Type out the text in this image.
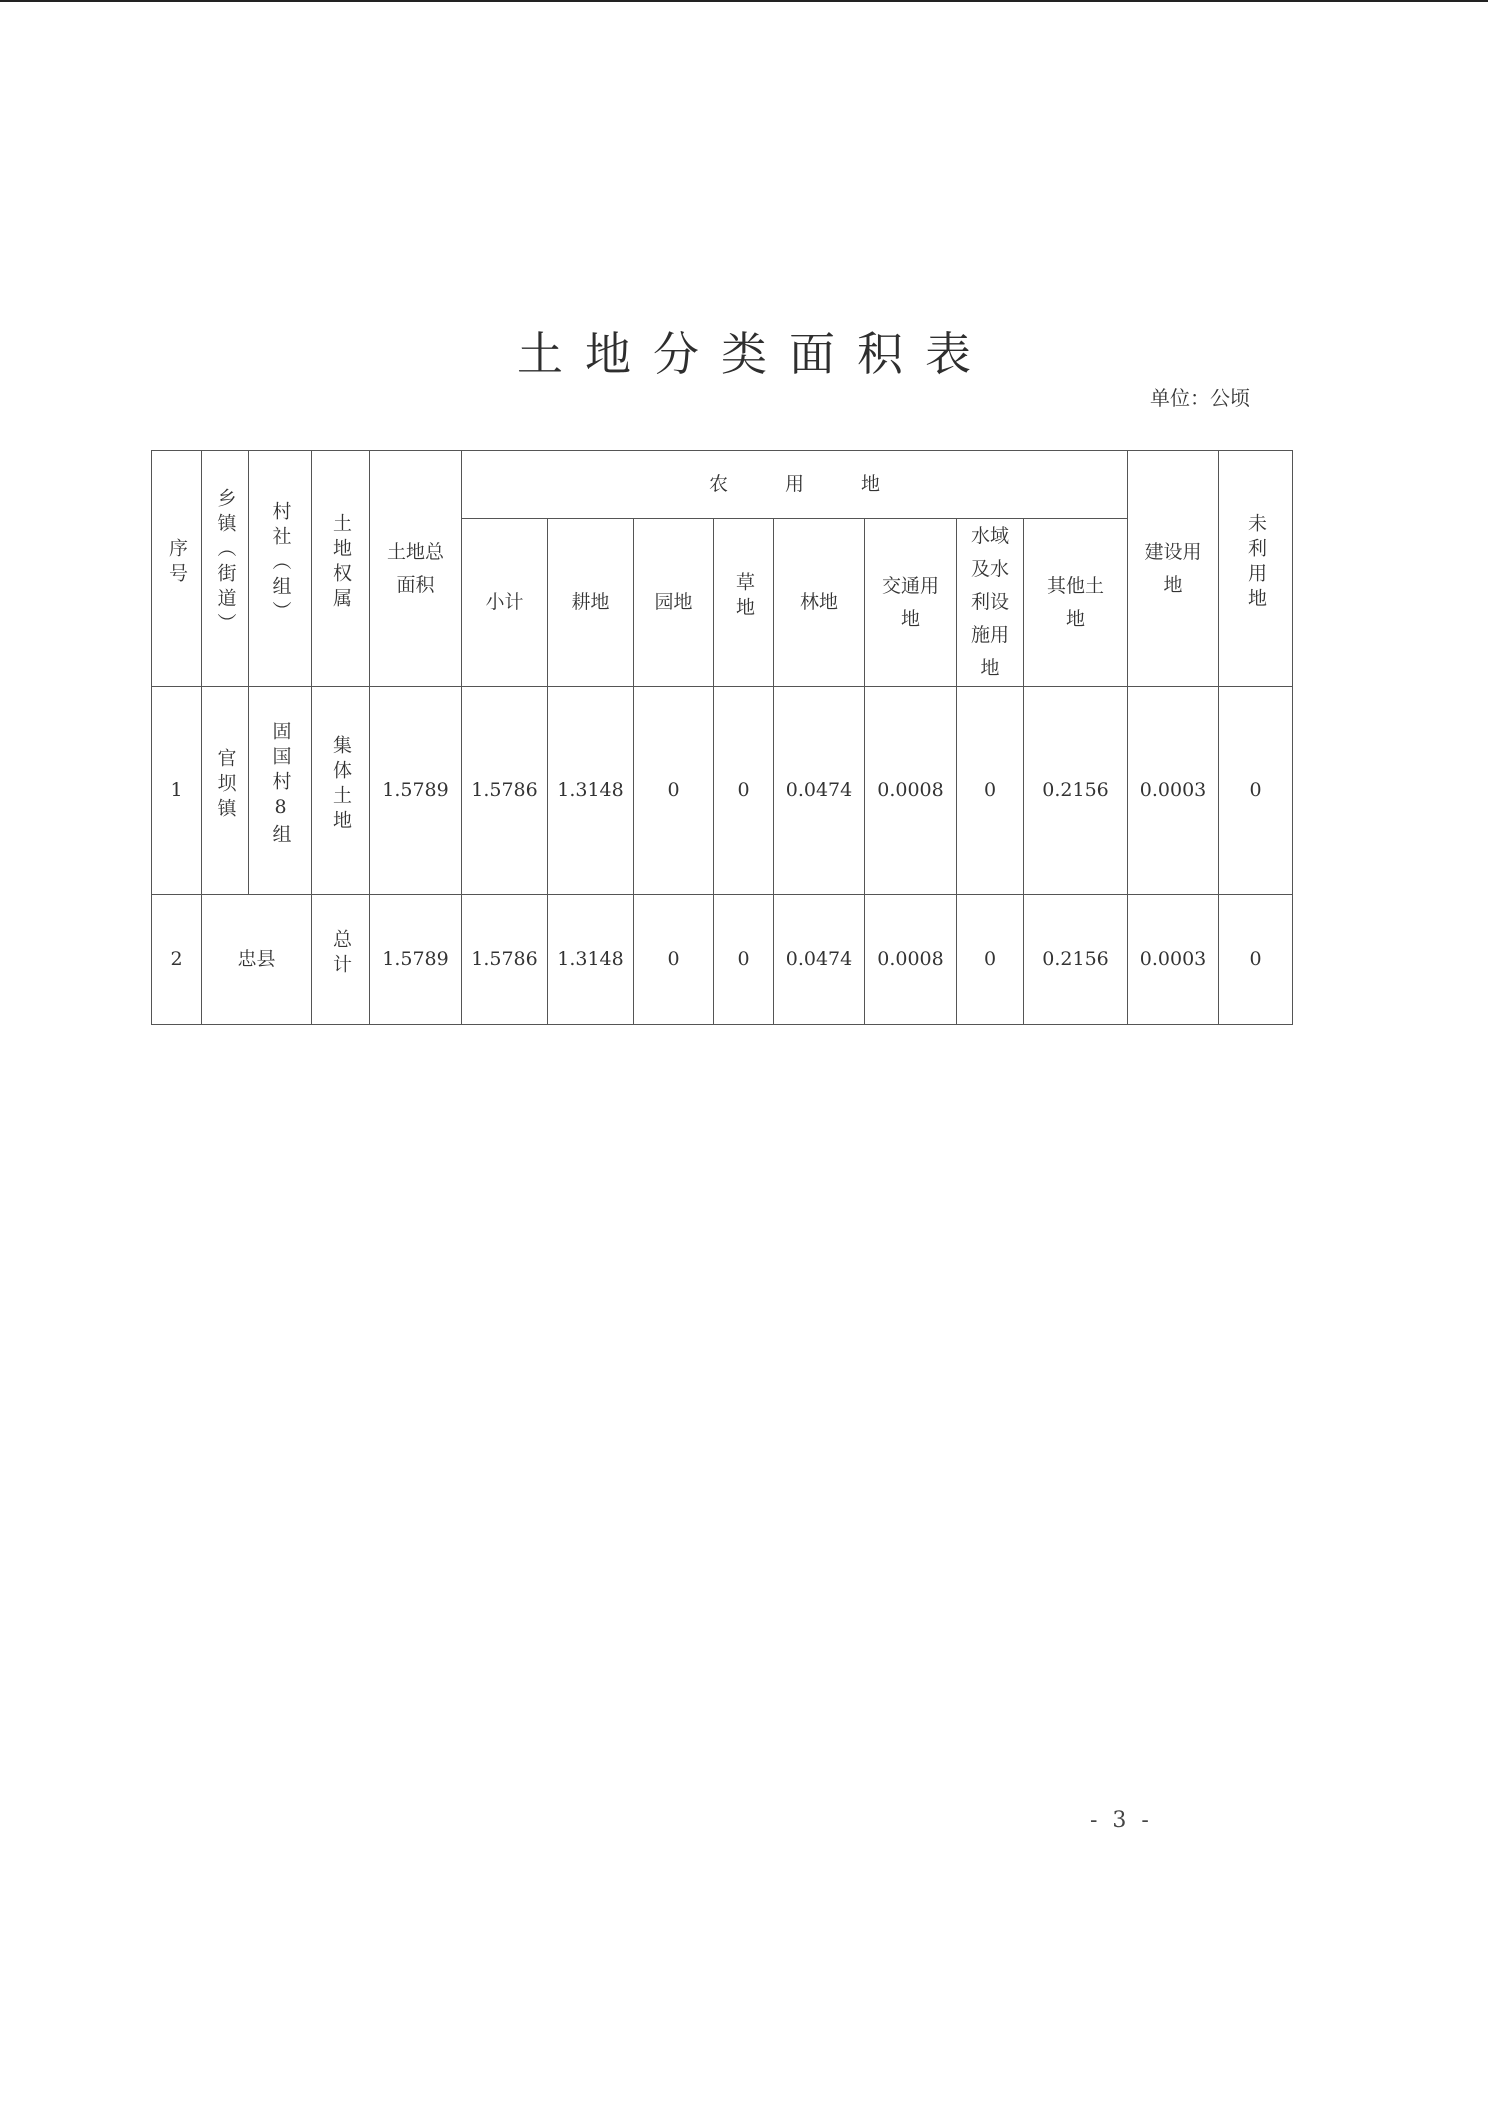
土地分类面积表
单位：公顷
序号	乡镇（街道）	村社（组）	土地权属	土地总面积	农　　　用　　　地								建设用地	未利用地
					小计	耕地	园地	草地	林地	交通用地	水域及水利设施用地	其他土地		
1	官坝镇	固国村8组	集体土地	1.5789	1.5786	1.3148	0	0	0.0474	0.0008	0	0.2156	0.0003	0
2	忠县		总计	1.5789	1.5786	1.3148	0	0	0.0474	0.0008	0	0.2156	0.0003	0
- 3 -
